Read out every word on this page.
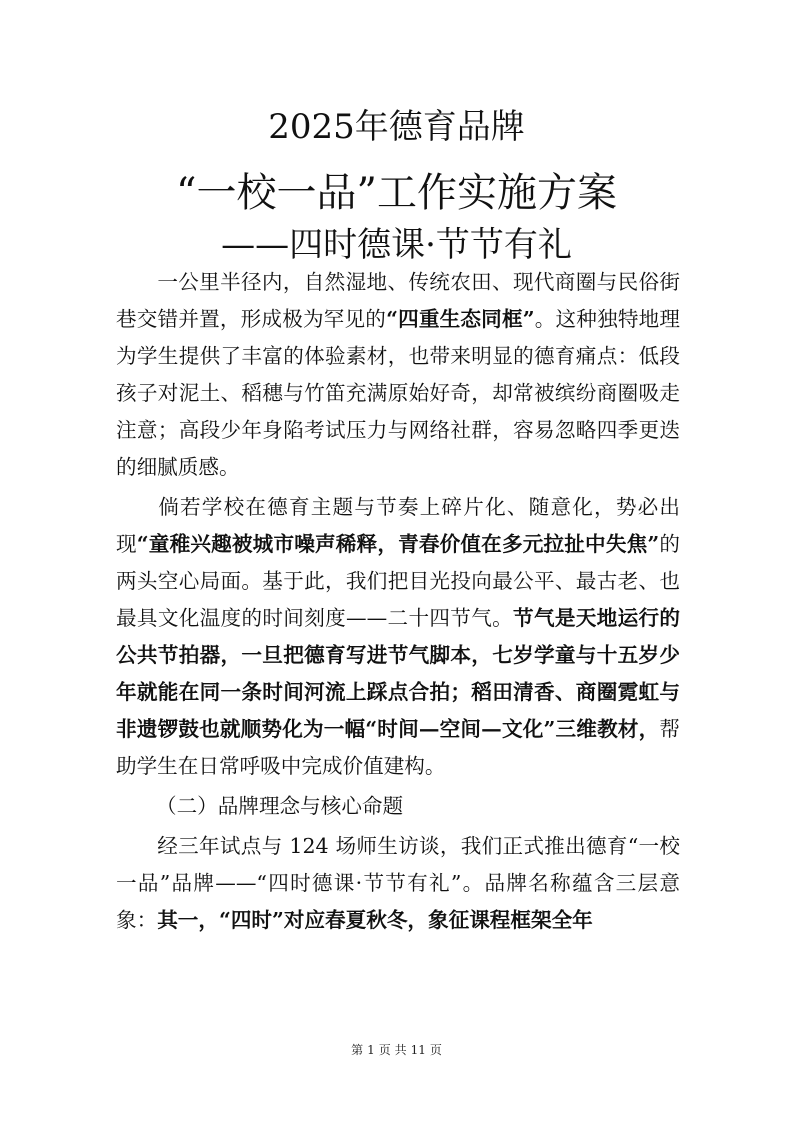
2025年德育品牌
“一校一品”工作实施方案
——四时德课·节节有礼

一公里半径内，自然湿地、传统农田、现代商圈与民俗街巷交错并置，形成极为罕见的“四重生态同框”。这种独特地理为学生提供了丰富的体验素材，也带来明显的德育痛点：低段孩子对泥土、稻穗与竹笛充满原始好奇，却常被缤纷商圈吸走注意；高段少年身陷考试压力与网络社群，容易忽略四季更迭的细腻质感。

倘若学校在德育主题与节奏上碎片化、随意化，势必出现“童稚兴趣被城市噪声稀释，青春价值在多元拉扯中失焦”的两头空心局面。基于此，我们把目光投向最公平、最古老、也最具文化温度的时间刻度——二十四节气。节气是天地运行的公共节拍器，一旦把德育写进节气脚本，七岁学童与十五岁少年就能在同一条时间河流上踩点合拍；稻田清香、商圈霓虹与非遗锣鼓也就顺势化为一幅“时间—空间—文化”三维教材，帮助学生在日常呼吸中完成价值建构。

（二）品牌理念与核心命题

经三年试点与 124 场师生访谈，我们正式推出德育“一校一品”品牌——“四时德课·节节有礼”。品牌名称蕴含三层意象：其一，“四时”对应春夏秋冬，象征课程框架全年

第 1 页 共 11 页
